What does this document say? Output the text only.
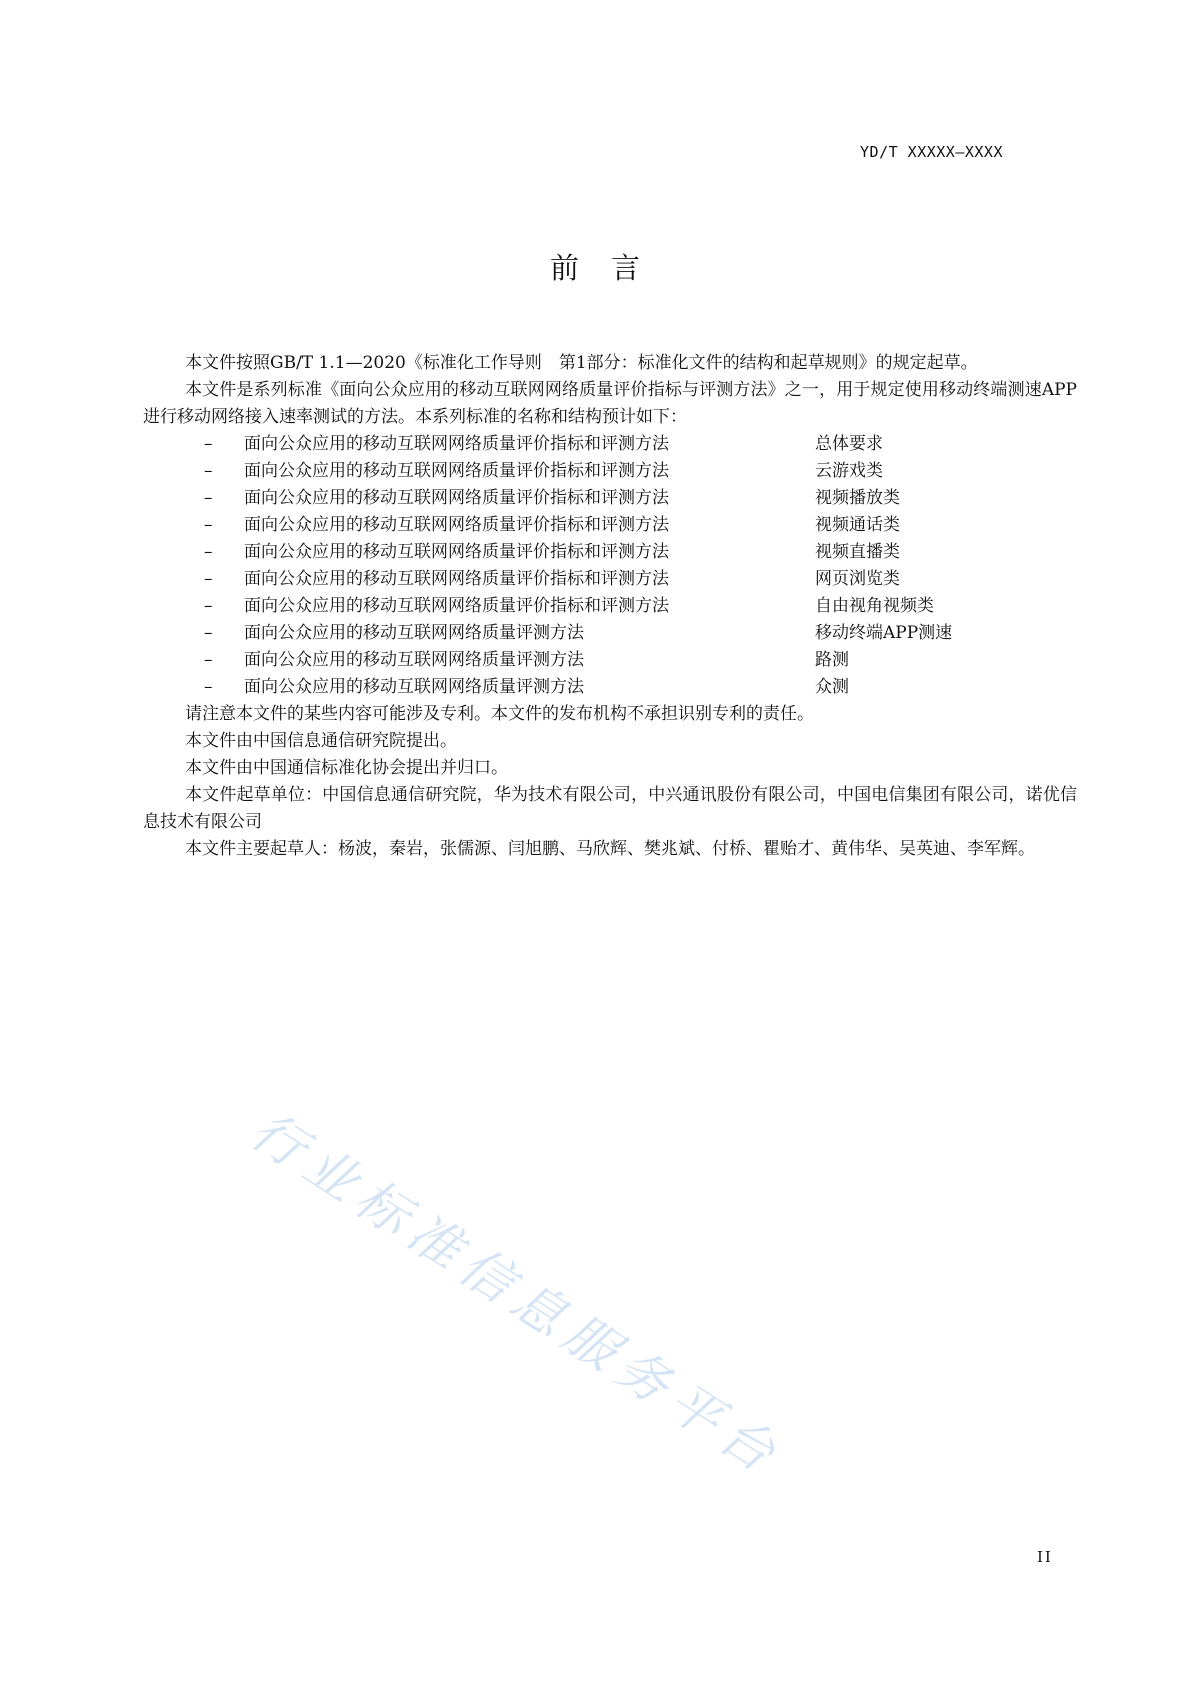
YD/T XXXXX—XXXX
前言

本文件按照GB/T 1.1—2020《标准化工作导则　第1部分：标准化文件的结构和起草规则》的规定起草。

本文件是系列标准《面向公众应用的移动互联网网络质量评价指标与评测方法》之一，用于规定使用移动终端测速APP进行移动网络接入速率测试的方法。本系列标准的名称和结构预计如下：

–	面向公众应用的移动互联网网络质量评价指标和评测方法	总体要求
–	面向公众应用的移动互联网网络质量评价指标和评测方法	云游戏类
–	面向公众应用的移动互联网网络质量评价指标和评测方法	视频播放类
–	面向公众应用的移动互联网网络质量评价指标和评测方法	视频通话类
–	面向公众应用的移动互联网网络质量评价指标和评测方法	视频直播类
–	面向公众应用的移动互联网网络质量评价指标和评测方法	网页浏览类
–	面向公众应用的移动互联网网络质量评价指标和评测方法	自由视角视频类
–	面向公众应用的移动互联网网络质量评测方法	移动终端APP测速
–	面向公众应用的移动互联网网络质量评测方法	路测
–	面向公众应用的移动互联网网络质量评测方法	众测

请注意本文件的某些内容可能涉及专利。本文件的发布机构不承担识别专利的责任。

本文件由中国信息通信研究院提出。

本文件由中国通信标准化协会提出并归口。

本文件起草单位：中国信息通信研究院，华为技术有限公司，中兴通讯股份有限公司，中国电信集团有限公司，诺优信息技术有限公司

本文件主要起草人：杨波，秦岩，张儒源、闫旭鹏、马欣辉、樊兆斌、付桥、瞿贻才、黄伟华、吴英迪、李军辉。

行业标准信息服务平台
II
